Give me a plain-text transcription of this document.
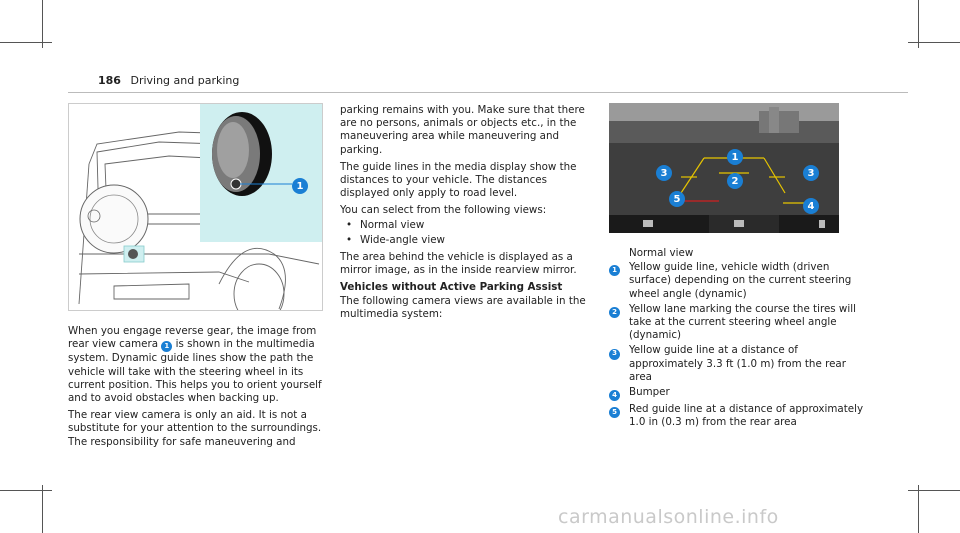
186 Driving and parking
1
1
2
3	3
4
5

When you engage reverse gear, the image from rear view camera 1 is shown in the multimedia system. Dynamic guide lines show the path the vehicle will take with the steering wheel in its current position. This helps you to orient yourself and to avoid obstacles when backing up.

The rear view camera is only an aid. It is not a substitute for your attention to the surroundings. The responsibility for safe maneuvering and

parking remains with you. Make sure that there are no persons, animals or objects etc., in the maneuvering area while maneuvering and parking.

The guide lines in the media display show the distances to your vehicle. The distances displayed only apply to road level.

You can select from the following views:

• Normal view
• Wide-angle view

The area behind the vehicle is displayed as a mirror image, as in the inside rearview mirror.

Vehicles without Active Parking Assist

The following camera views are available in the multimedia system:

Normal view

1	Yellow guide line, vehicle width (driven surface) depending on the current steering wheel angle (dynamic)
2	Yellow lane marking the course the tires will take at the current steering wheel angle (dynamic)
3	Yellow guide line at a distance of approximately 3.3 ft (1.0 m) from the rear area
4	Bumper
5	Red guide line at a distance of approximately 1.0 in (0.3 m) from the rear area
carmanualsonline.info
